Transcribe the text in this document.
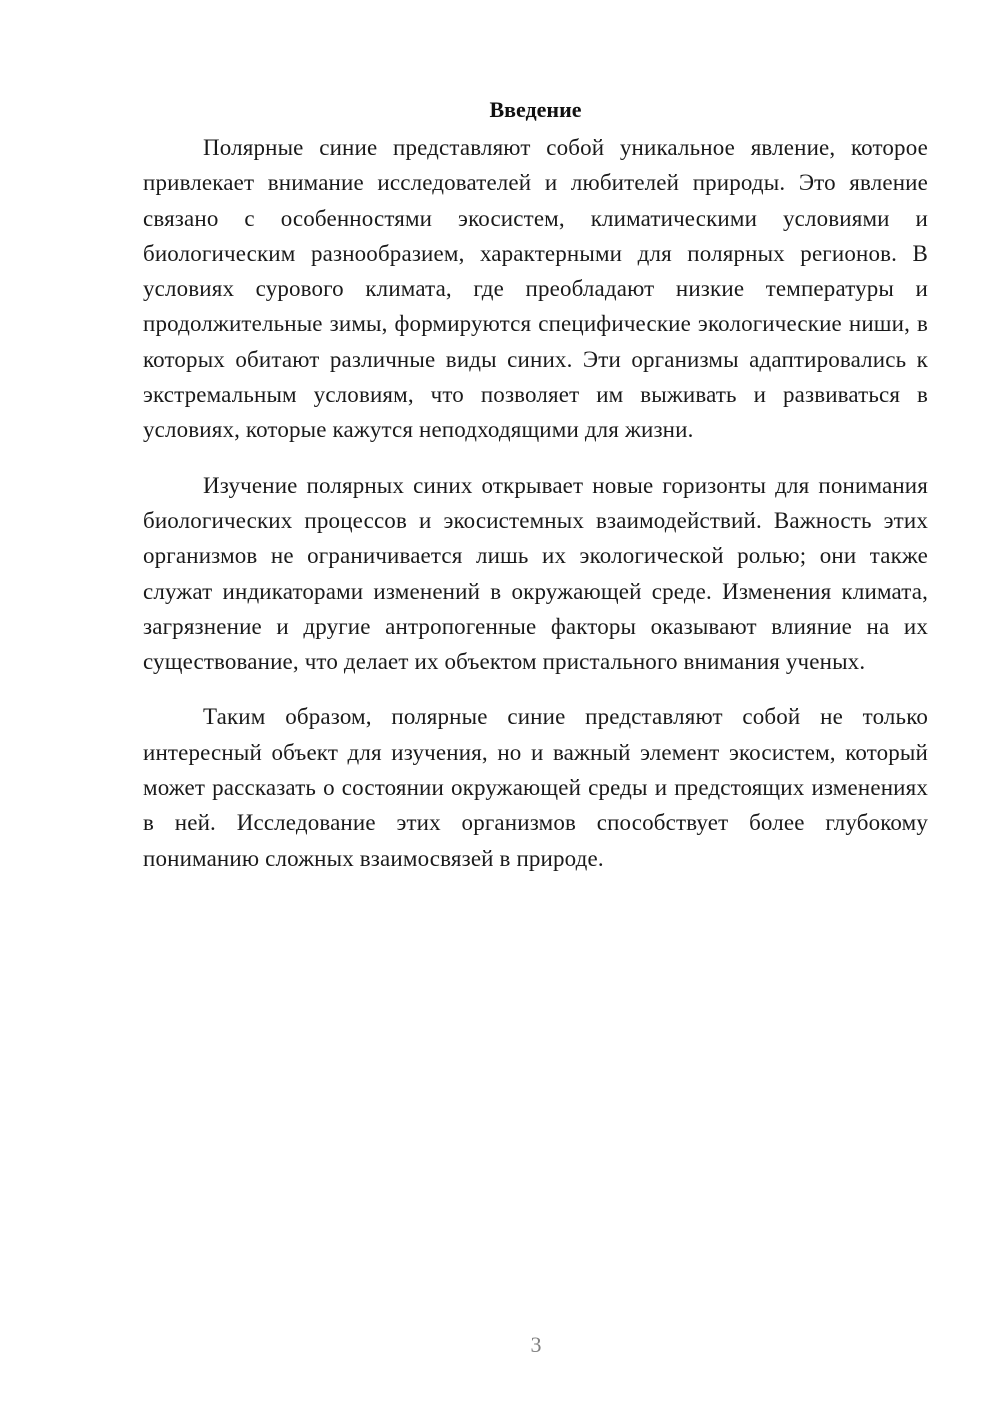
Введение

Полярные синие представляют собой уникальное явление, которое привлекает внимание исследователей и любителей природы. Это явление связано с особенностями экосистем, климатическими условиями и биологическим разнообразием, характерными для полярных регионов. В условиях сурового климата, где преобладают низкие температуры и продолжительные зимы, формируются специфические экологические ниши, в которых обитают различные виды синих. Эти организмы адаптировались к экстремальным условиям, что позволяет им выживать и развиваться в условиях, которые кажутся неподходящими для жизни.

Изучение полярных синих открывает новые горизонты для понимания биологических процессов и экосистемных взаимодействий. Важность этих организмов не ограничивается лишь их экологической ролью; они также служат индикаторами изменений в окружающей среде. Изменения климата, загрязнение и другие антропогенные факторы оказывают влияние на их существование, что делает их объектом пристального внимания ученых.

Таким образом, полярные синие представляют собой не только интересный объект для изучения, но и важный элемент экосистем, который может рассказать о состоянии окружающей среды и предстоящих изменениях в ней. Исследование этих организмов способствует более глубокому пониманию сложных взаимосвязей в природе.

3
